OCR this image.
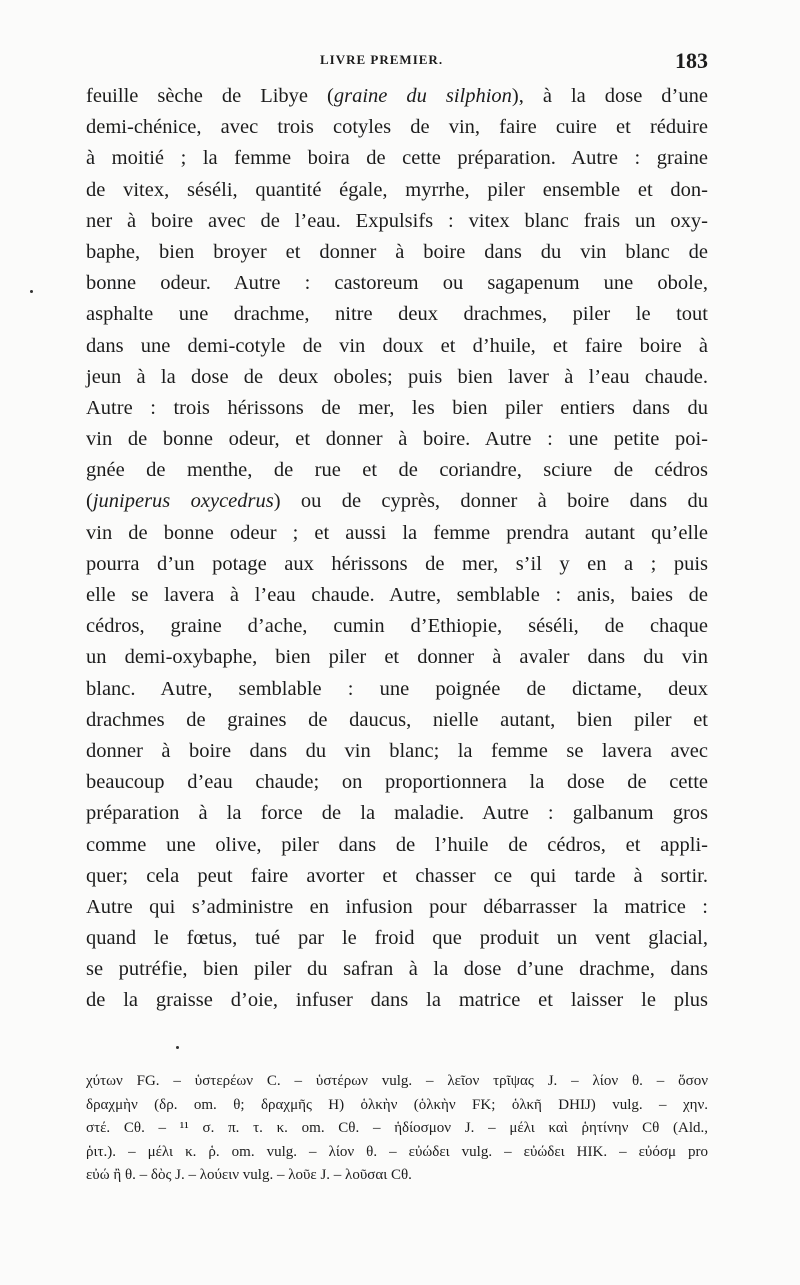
LIVRE PREMIER.	183
feuille sèche de Libye (graine du silphion), à la dose d’une
demi-chénice, avec trois cotyles de vin, faire cuire et réduire
à moitié ; la femme boira de cette préparation. Autre : graine
de vitex, séséli, quantité égale, myrrhe, piler ensemble et don-
ner à boire avec de l’eau. Expulsifs : vitex blanc frais un oxy-
baphe, bien broyer et donner à boire dans du vin blanc de
bonne odeur. Autre : castoreum ou sagapenum une obole,
asphalte une drachme, nitre deux drachmes, piler le tout
dans une demi-cotyle de vin doux et d’huile, et faire boire à
jeun à la dose de deux oboles; puis bien laver à l’eau chaude.
Autre : trois hérissons de mer, les bien piler entiers dans du
vin de bonne odeur, et donner à boire. Autre : une petite poi-
gnée de menthe, de rue et de coriandre, sciure de cédros
(juniperus oxycedrus) ou de cyprès, donner à boire dans du
vin de bonne odeur ; et aussi la femme prendra autant qu’elle
pourra d’un potage aux hérissons de mer, s’il y en a ; puis
elle se lavera à l’eau chaude. Autre, semblable : anis, baies de
cédros, graine d’ache, cumin d’Ethiopie, séséli, de chaque
un demi-oxybaphe, bien piler et donner à avaler dans du vin
blanc. Autre, semblable : une poignée de dictame, deux
drachmes de graines de daucus, nielle autant, bien piler et
donner à boire dans du vin blanc; la femme se lavera avec
beaucoup d’eau chaude; on proportionnera la dose de cette
préparation à la force de la maladie. Autre : galbanum gros
comme une olive, piler dans de l’huile de cédros, et appli-
quer; cela peut faire avorter et chasser ce qui tarde à sortir.
Autre qui s’administre en infusion pour débarrasser la matrice :
quand le fœtus, tué par le froid que produit un vent glacial,
se putréfie, bien piler du safran à la dose d’une drachme, dans
de la graisse d’oie, infuser dans la matrice et laisser le plus
χύτων FG. – ὑστερέων C. – ὑστέρων vulg. – λεῖον τρῖψας J. – λίον θ. – ὅσον
δραχμὴν (δρ. om. θ; δραχμῆς H) ὁλκὴν (ὁλκὴν FK; ὁλκῆ DHIJ) vulg. – χην.
στέ. Cθ. – ¹¹ σ. π. τ. κ. om. Cθ. – ἡδίοσμον J. – μέλι καὶ ῥητίνην Cθ (Ald.,
ῥιτ.). – μέλι κ. ῥ. om. vulg. – λίον θ. – εὐώδει vulg. – εὐώδει HIK. – εὐόσμ pro
εὐώ ἢ θ. – δὸς J. – λούειν vulg. – λοῦε J. – λοῦσαι Cθ.
